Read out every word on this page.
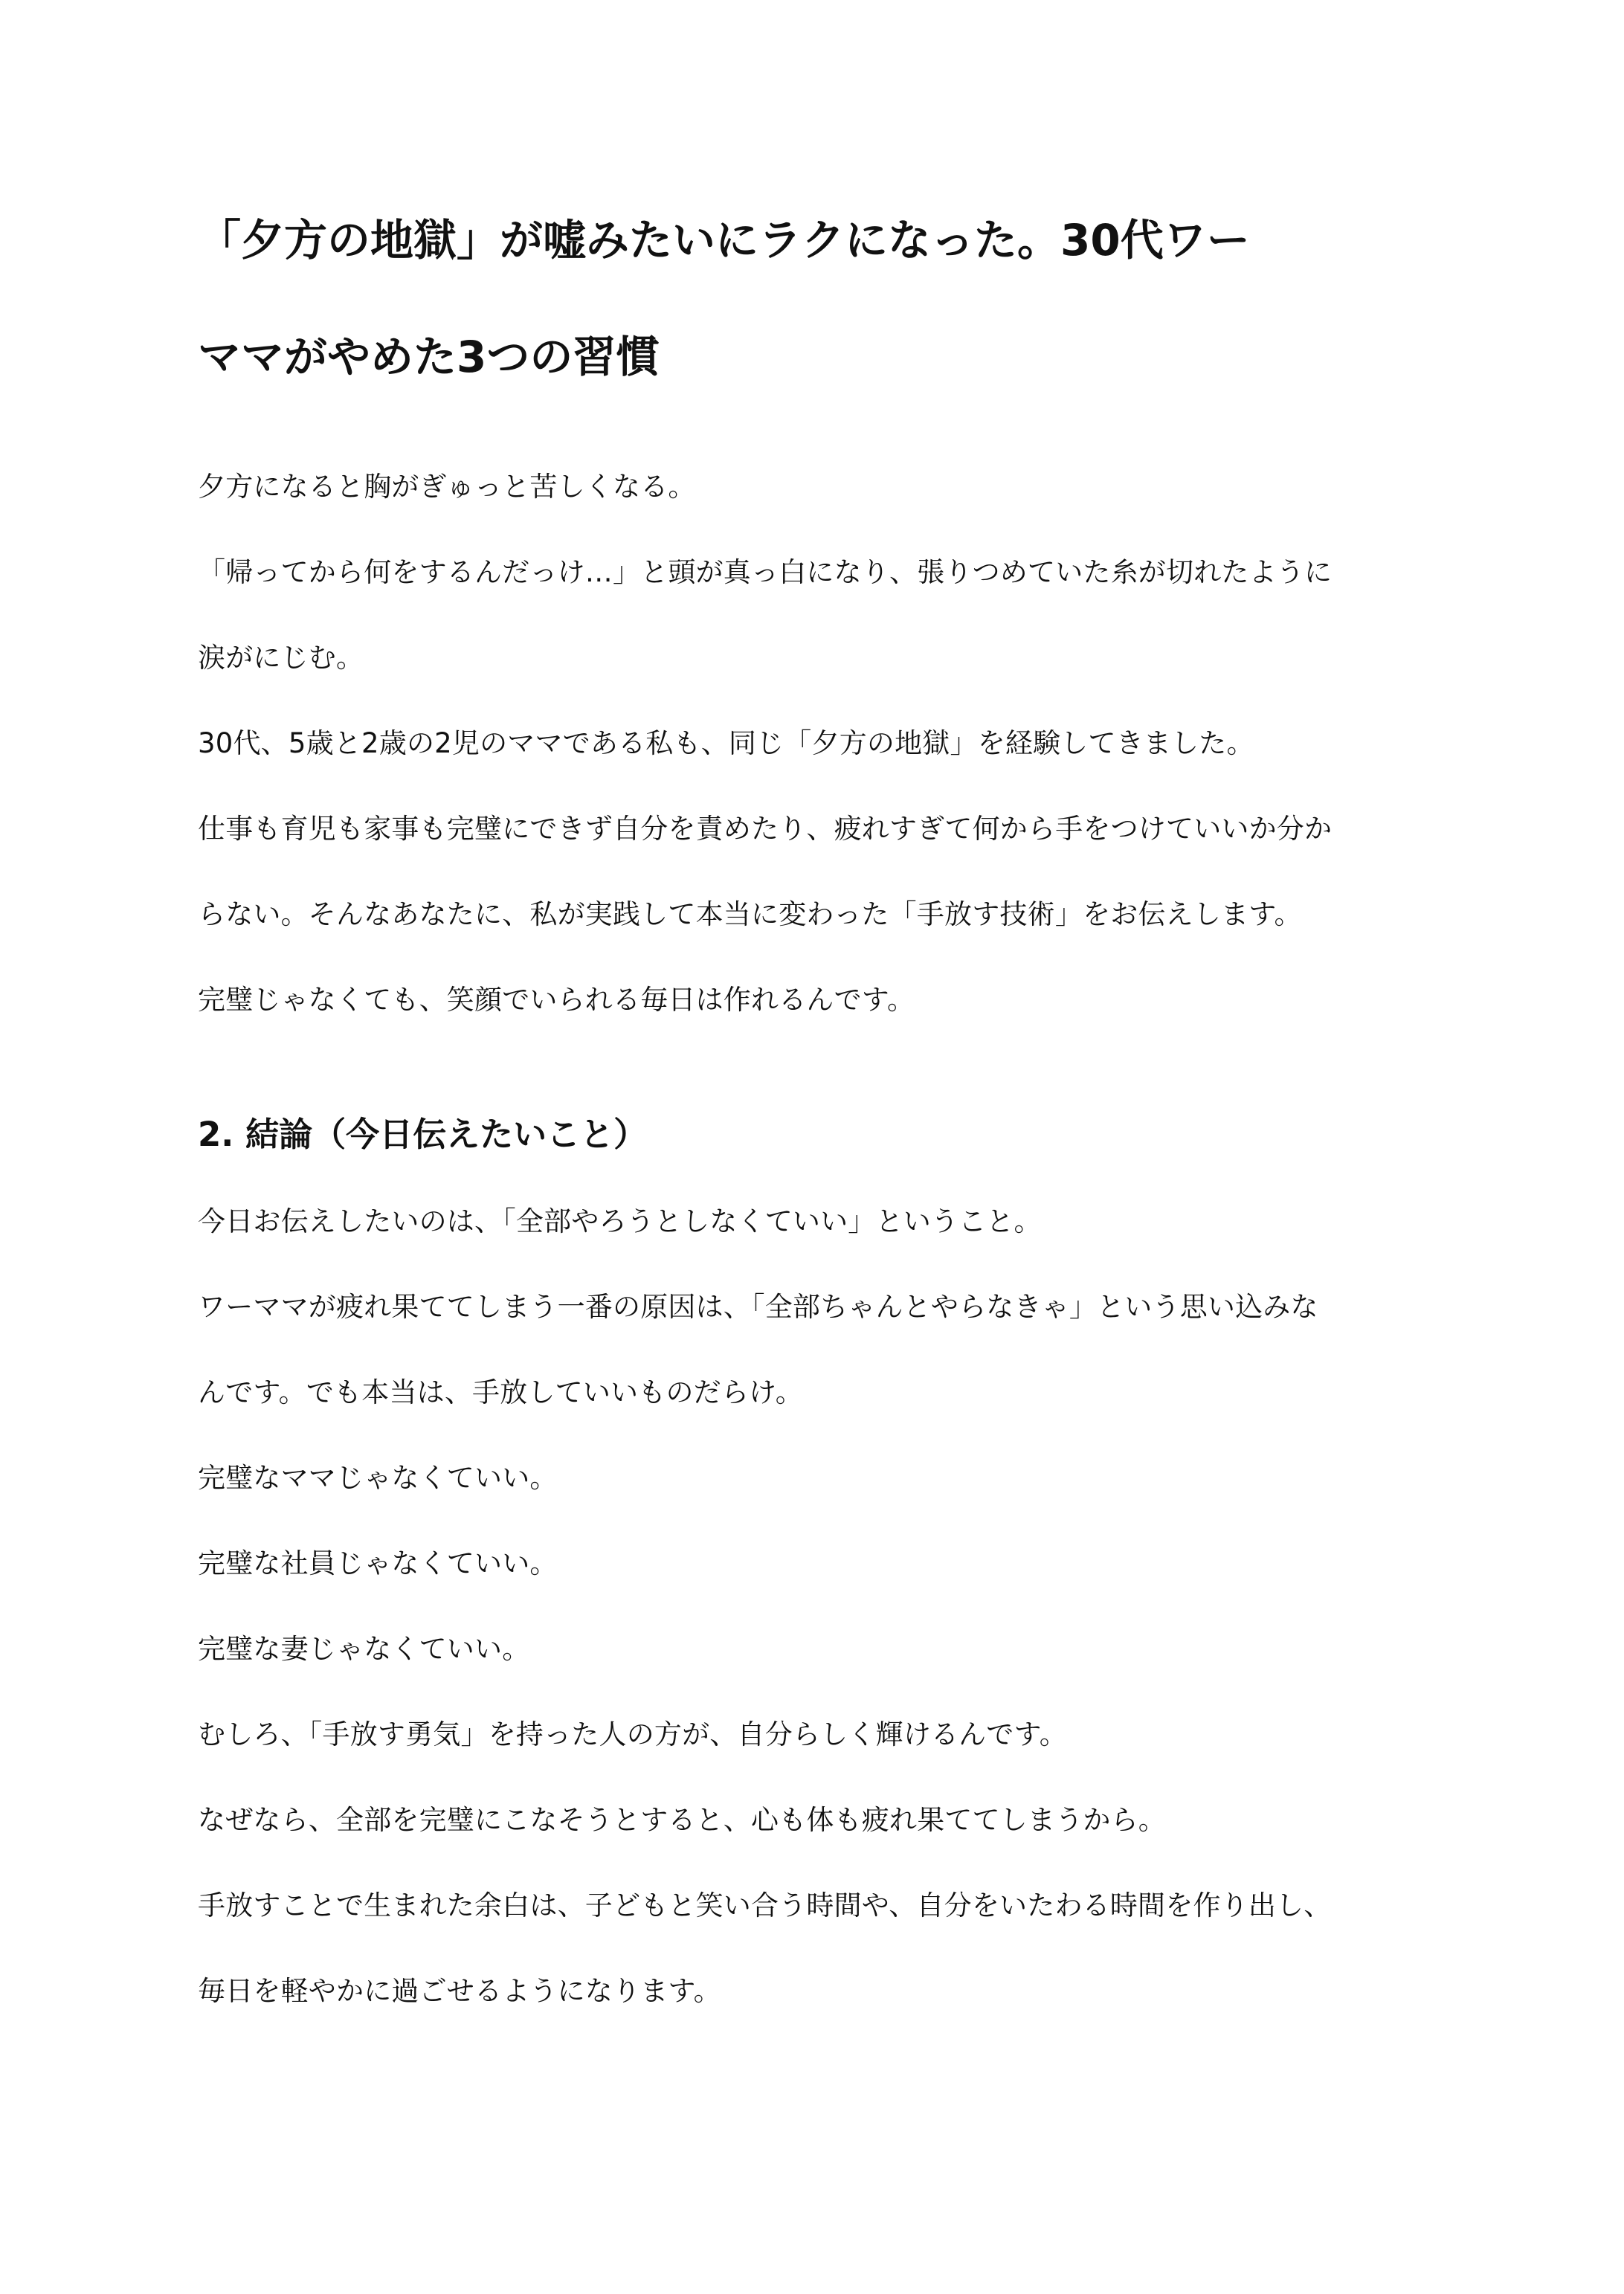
「夕方の地獄」が嘘みたいにラクになった。30代ワー
ママがやめた3つの習慣

夕方になると胸がぎゅっと苦しくなる。

「帰ってから何をするんだっけ…」と頭が真っ白になり、張りつめていた糸が切れたように

涙がにじむ。

30代、5歳と2歳の2児のママである私も、同じ「夕方の地獄」を経験してきました。

仕事も育児も家事も完璧にできず自分を責めたり、疲れすぎて何から手をつけていいか分か

らない。そんなあなたに、私が実践して本当に変わった「手放す技術」をお伝えします。

完璧じゃなくても、笑顔でいられる毎日は作れるんです。

2. 結論（今日伝えたいこと）

今日お伝えしたいのは、「全部やろうとしなくていい」ということ。

ワーママが疲れ果ててしまう一番の原因は、「全部ちゃんとやらなきゃ」という思い込みな

んです。でも本当は、手放していいものだらけ。

完璧なママじゃなくていい。

完璧な社員じゃなくていい。

完璧な妻じゃなくていい。

むしろ、「手放す勇気」を持った人の方が、自分らしく輝けるんです。

なぜなら、全部を完璧にこなそうとすると、心も体も疲れ果ててしまうから。

手放すことで生まれた余白は、子どもと笑い合う時間や、自分をいたわる時間を作り出し、

毎日を軽やかに過ごせるようになります。
